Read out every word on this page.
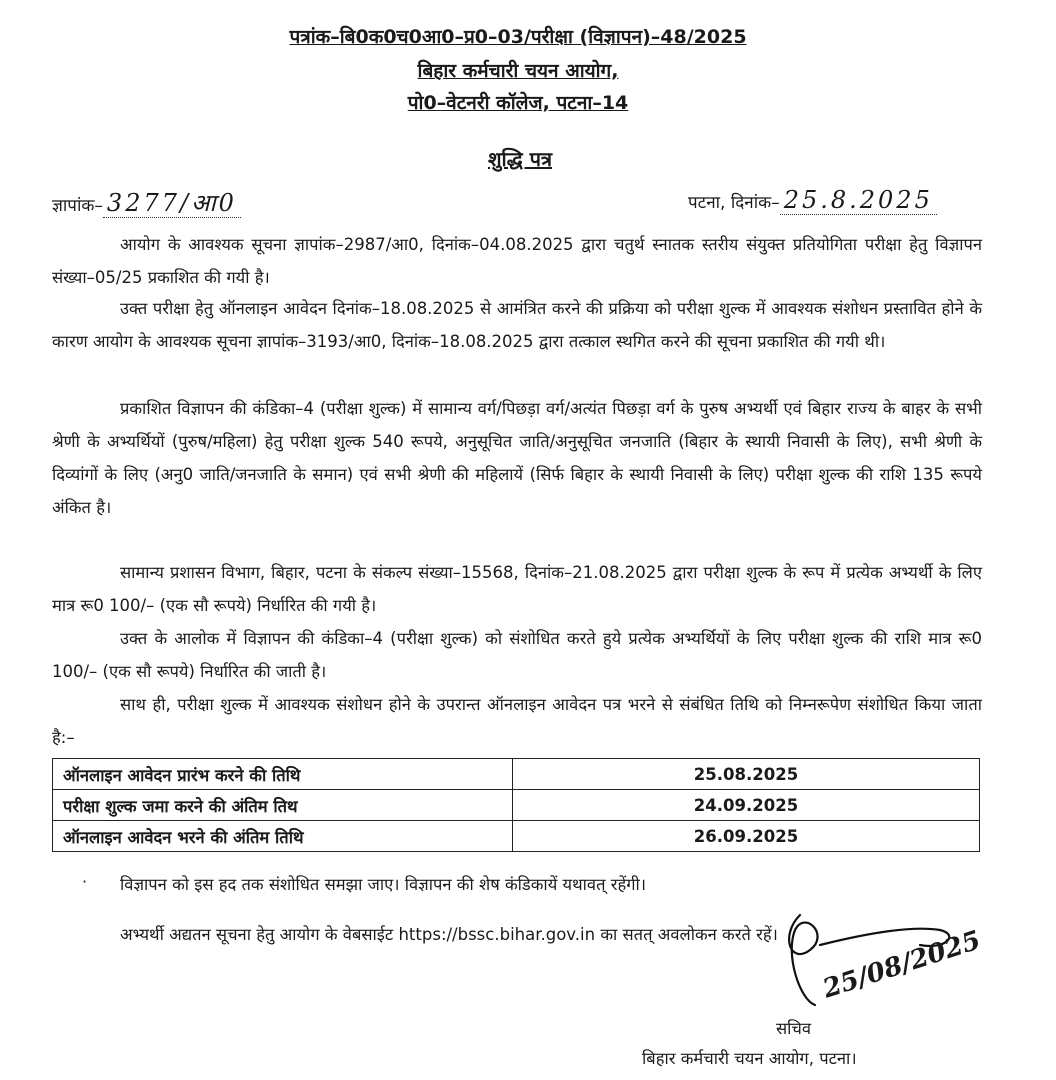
पत्रांक–बि0क0च0आ0–प्र0–03/परीक्षा (विज्ञापन)–48/2025
बिहार कर्मचारी चयन आयोग,
पो0–वेटनरी कॉलेज, पटना–14
शुद्धि पत्र
ज्ञापांक– 3277/आ0	पटना, दिनांक– 25.8.2025
आयोग के आवश्यक सूचना ज्ञापांक–2987/आ0, दिनांक–04.08.2025 द्वारा चतुर्थ स्नातक स्तरीय संयुक्त प्रतियोगिता परीक्षा हेतु विज्ञापन संख्या–05/25 प्रकाशित की गयी है।
उक्त परीक्षा हेतु ऑनलाइन आवेदन दिनांक–18.08.2025 से आमंत्रित करने की प्रक्रिया को परीक्षा शुल्क में आवश्यक संशोधन प्रस्तावित होने के कारण आयोग के आवश्यक सूचना ज्ञापांक–3193/आ0, दिनांक–18.08.2025 द्वारा तत्काल स्थगित करने की सूचना प्रकाशित की गयी थी।
प्रकाशित विज्ञापन की कंडिका–4 (परीक्षा शुल्क) में सामान्य वर्ग/पिछड़ा वर्ग/अत्यंत पिछड़ा वर्ग के पुरुष अभ्यर्थी एवं बिहार राज्य के बाहर के सभी श्रेणी के अभ्यर्थियों (पुरुष/महिला) हेतु परीक्षा शुल्क 540 रूपये, अनुसूचित जाति/अनुसूचित जनजाति (बिहार के स्थायी निवासी के लिए), सभी श्रेणी के दिव्यांगों के लिए (अनु0 जाति/जनजाति के समान) एवं सभी श्रेणी की महिलायें (सिर्फ बिहार के स्थायी निवासी के लिए) परीक्षा शुल्क की राशि 135 रूपये अंकित है।
सामान्य प्रशासन विभाग, बिहार, पटना के संकल्प संख्या–15568, दिनांक–21.08.2025 द्वारा परीक्षा शुल्क के रूप में प्रत्येक अभ्यर्थी के लिए मात्र रू0 100/– (एक सौ रूपये) निर्धारित की गयी है।
उक्त के आलोक में विज्ञापन की कंडिका–4 (परीक्षा शुल्क) को संशोधित करते हुये प्रत्येक अभ्यर्थियों के लिए परीक्षा शुल्क की राशि मात्र रू0 100/– (एक सौ रूपये) निर्धारित की जाती है।
साथ ही, परीक्षा शुल्क में आवश्यक संशोधन होने के उपरान्त ऑनलाइन आवेदन पत्र भरने से संबंधित तिथि को निम्नरूपेण संशोधित किया जाता है:–
ऑनलाइन आवेदन प्रारंभ करने की तिथि	25.08.2025
परीक्षा शुल्क जमा करने की अंतिम तिथ	24.09.2025
ऑनलाइन आवेदन भरने की अंतिम तिथि	26.09.2025
· विज्ञापन को इस हद तक संशोधित समझा जाए। विज्ञापन की शेष कंडिकायें यथावत् रहेंगी।
अभ्यर्थी अद्यतन सूचना हेतु आयोग के वेबसाईट https://bssc.bihar.gov.in का सतत् अवलोकन करते रहें।	25/08/2025
सचिव
बिहार कर्मचारी चयन आयोग, पटना।
